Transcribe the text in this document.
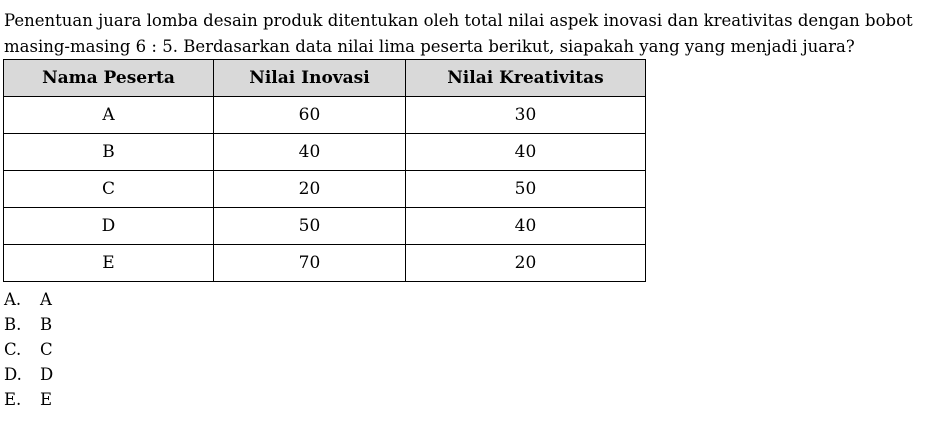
Penentuan juara lomba desain produk ditentukan oleh total nilai aspek inovasi dan kreativitas dengan bobot
masing-masing 6 : 5. Berdasarkan data nilai lima peserta berikut, siapakah yang yang menjadi juara?

Nama Peserta	Nilai Inovasi	Nilai Kreativitas
A	60	30
B	40	40
C	20	50
D	50	40
E	70	20
A. A
B. B
C. C
D. D
E. E
